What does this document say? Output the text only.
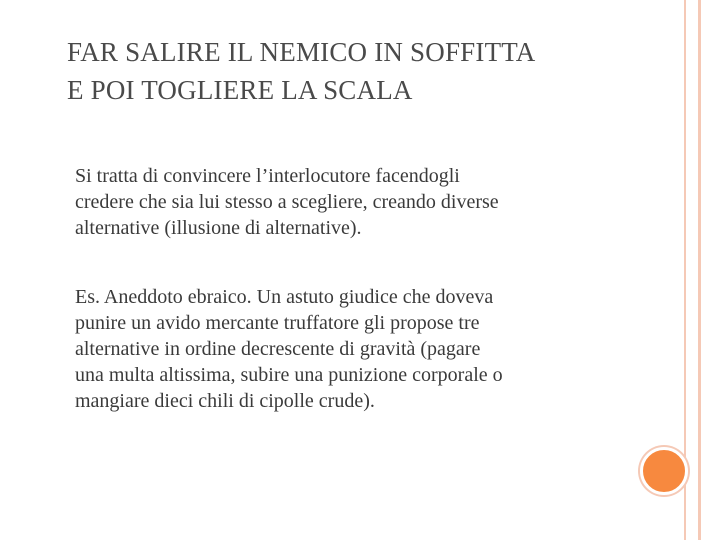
FAR SALIRE IL NEMICO IN SOFFITTA
E POI TOGLIERE LA SCALA

Si tratta di convincere l’interlocutore facendogli
credere che sia lui stesso a scegliere, creando diverse
alternative (illusione di alternative).

Es. Aneddoto ebraico. Un astuto giudice che doveva
punire un avido mercante truffatore gli propose tre
alternative in ordine decrescente di gravità (pagare
una multa altissima, subire una punizione corporale o
mangiare dieci chili di cipolle crude).
